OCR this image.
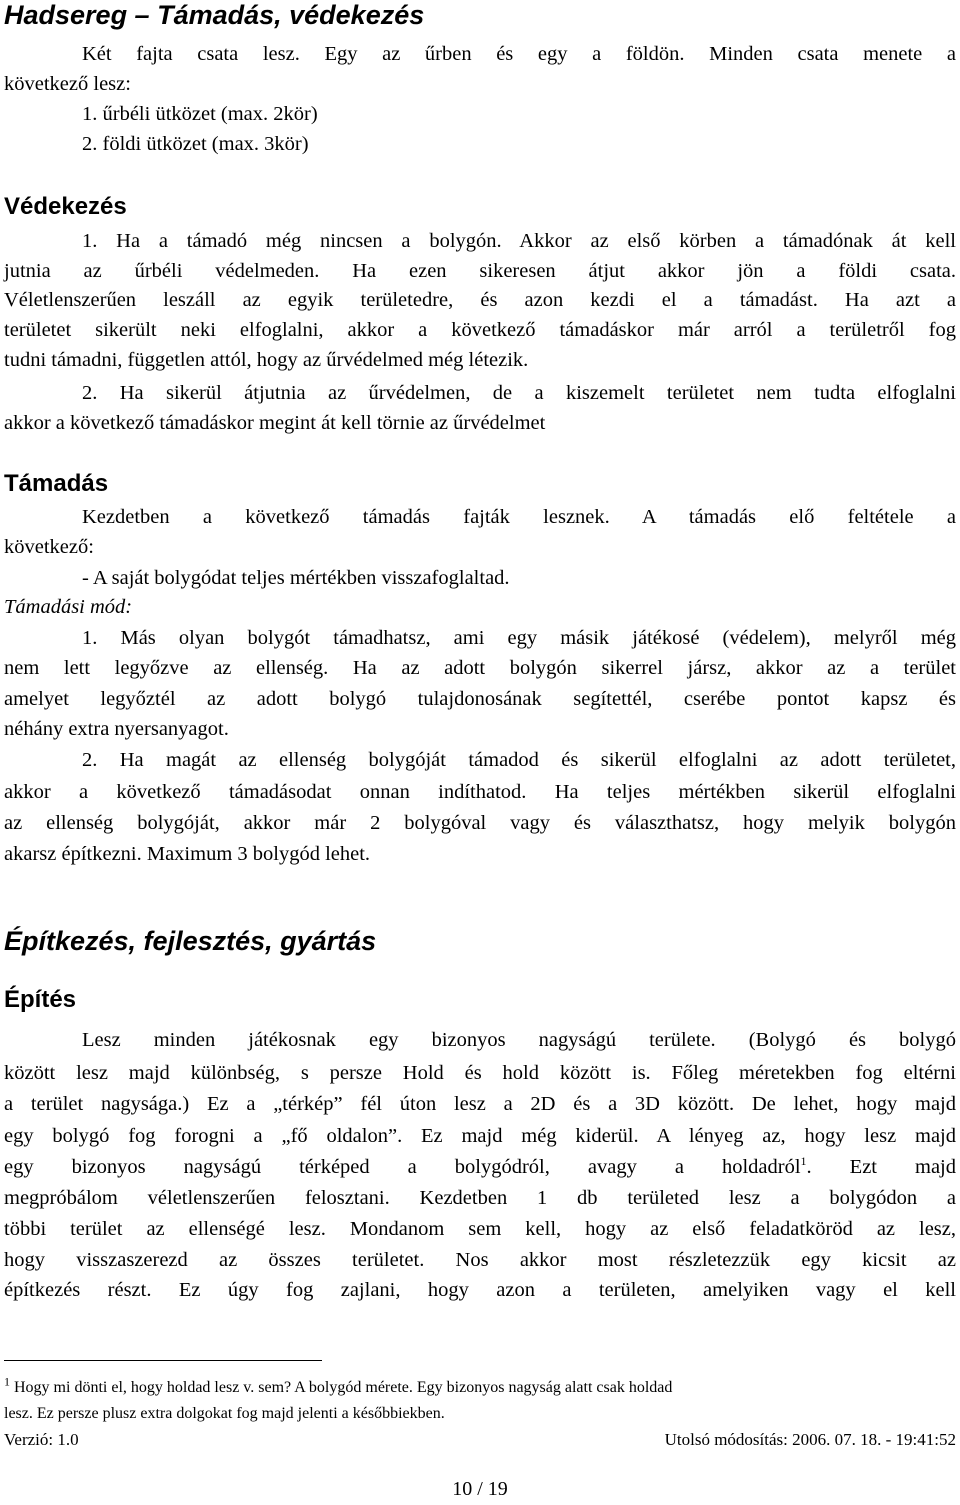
Hadsereg – Támadás, védekezés
Két fajta csata lesz. Egy az űrben és egy a földön. Minden csata menete a
következő lesz:
1. űrbéli ütközet (max. 2kör)
2. földi ütközet (max. 3kör)
Védekezés
1. Ha a támadó még nincsen a bolygón. Akkor az első körben a támadónak át kell
jutnia az űrbéli védelmeden. Ha ezen sikeresen átjut akkor jön a földi csata.
Véletlenszerűen leszáll az egyik területedre, és azon kezdi el a támadást. Ha azt a
területet sikerült neki elfoglalni, akkor a következő támadáskor már arról a területről fog
tudni támadni, független attól, hogy az űrvédelmed még létezik.
2. Ha sikerül átjutnia az űrvédelmen, de a kiszemelt területet nem tudta elfoglalni
akkor a következő támadáskor megint át kell törnie az űrvédelmet
Támadás
Kezdetben a következő támadás fajták lesznek. A támadás elő feltétele a
következő:
- A saját bolygódat teljes mértékben visszafoglaltad.
Támadási mód:
1. Más olyan bolygót támadhatsz, ami egy másik játékosé (védelem), melyről még
nem lett legyőzve az ellenség. Ha az adott bolygón sikerrel jársz, akkor az a terület
amelyet legyőztél az adott bolygó tulajdonosának segítettél, cserébe pontot kapsz és
néhány extra nyersanyagot.
2. Ha magát az ellenség bolygóját támadod és sikerül elfoglalni az adott területet,
akkor a következő támadásodat onnan indíthatod. Ha teljes mértékben sikerül elfoglalni
az ellenség bolygóját, akkor már 2 bolygóval vagy és választhatsz, hogy melyik bolygón
akarsz építkezni. Maximum 3 bolygód lehet.
Építkezés, fejlesztés, gyártás
Építés
Lesz minden játékosnak egy bizonyos nagyságú területe. (Bolygó és bolygó
között lesz majd különbség, s persze Hold és hold között is. Főleg méretekben fog eltérni
a terület nagysága.) Ez a „térkép” fél úton lesz a 2D és a 3D között. De lehet, hogy majd
egy bolygó fog forogni a „fő oldalon”. Ez majd még kiderül. A lényeg az, hogy lesz majd
egy bizonyos nagyságú térképed a bolygódról, avagy a holdadról$^1$. Ezt majd
megpróbálom véletlenszerűen felosztani. Kezdetben 1 db területed lesz a bolygódon a
többi terület az ellenségé lesz. Mondanom sem kell, hogy az első feladatköröd az lesz,
hogy visszaszerezd az összes területet. Nos akkor most részletezzük egy kicsit az
építkezés részt. Ez úgy fog zajlani, hogy azon a területen, amelyiken vagy el kell
$^1$ Hogy mi dönti el, hogy holdad lesz v. sem? A bolygód mérete. Egy bizonyos nagyság alatt csak holdad
lesz. Ez persze plusz extra dolgokat fog majd jelenti a későbbiekben.
Verzió: 1.0	Utolsó módosítás: 2006. 07. 18. - 19:41:52
10 / 19
